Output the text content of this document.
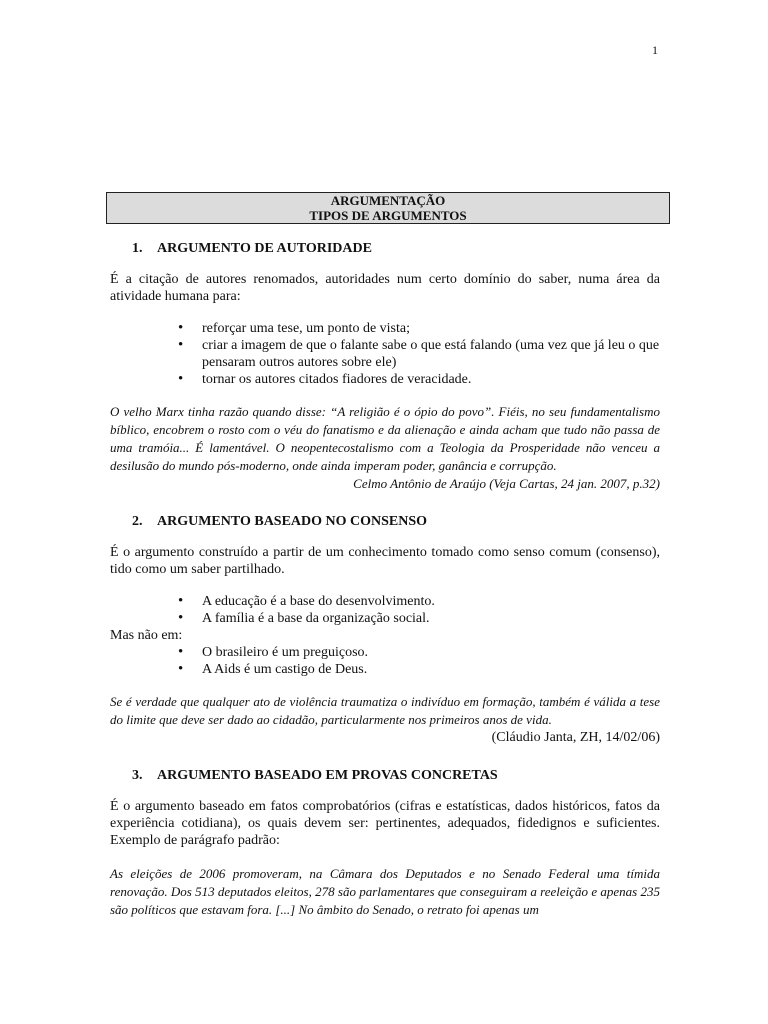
1
ARGUMENTAÇÃO
TIPOS DE ARGUMENTOS
1. ARGUMENTO DE AUTORIDADE

É a citação de autores renomados, autoridades num certo domínio do saber, numa área da atividade humana para:

• reforçar uma tese, um ponto de vista;
• criar a imagem de que o falante sabe o que está falando (uma vez que já leu o que pensaram outros autores sobre ele)
• tornar os autores citados fiadores de veracidade.

O velho Marx tinha razão quando disse: “A religião é o ópio do povo”. Fiéis, no seu fundamentalismo bíblico, encobrem o rosto com o véu do fanatismo e da alienação e ainda acham que tudo não passa de uma tramóia... É lamentável. O neopentecostalismo com a Teologia da Prosperidade não venceu a desilusão do mundo pós-moderno, onde ainda imperam poder, ganância e corrupção.

Celmo Antônio de Araújo (Veja Cartas, 24 jan. 2007, p.32)

2. ARGUMENTO BASEADO NO CONSENSO

É o argumento construído a partir de um conhecimento tomado como senso comum (consenso), tido como um saber partilhado.

• A educação é a base do desenvolvimento.
• A família é a base da organização social.

Mas não em:

• O brasileiro é um preguiçoso.
• A Aids é um castigo de Deus.

Se é verdade que qualquer ato de violência traumatiza o indivíduo em formação, também é válida a tese do limite que deve ser dado ao cidadão, particularmente nos primeiros anos de vida.

(Cláudio Janta, ZH, 14/02/06)

3. ARGUMENTO BASEADO EM PROVAS CONCRETAS

É o argumento baseado em fatos comprobatórios (cifras e estatísticas, dados históricos, fatos da experiência cotidiana), os quais devem ser: pertinentes, adequados, fidedignos e suficientes. Exemplo de parágrafo padrão:

As eleições de 2006 promoveram, na Câmara dos Deputados e no Senado Federal uma tímida renovação. Dos 513 deputados eleitos, 278 são parlamentares que conseguiram a reeleição e apenas 235 são políticos que estavam fora. [...] No âmbito do Senado, o retrato foi apenas um
